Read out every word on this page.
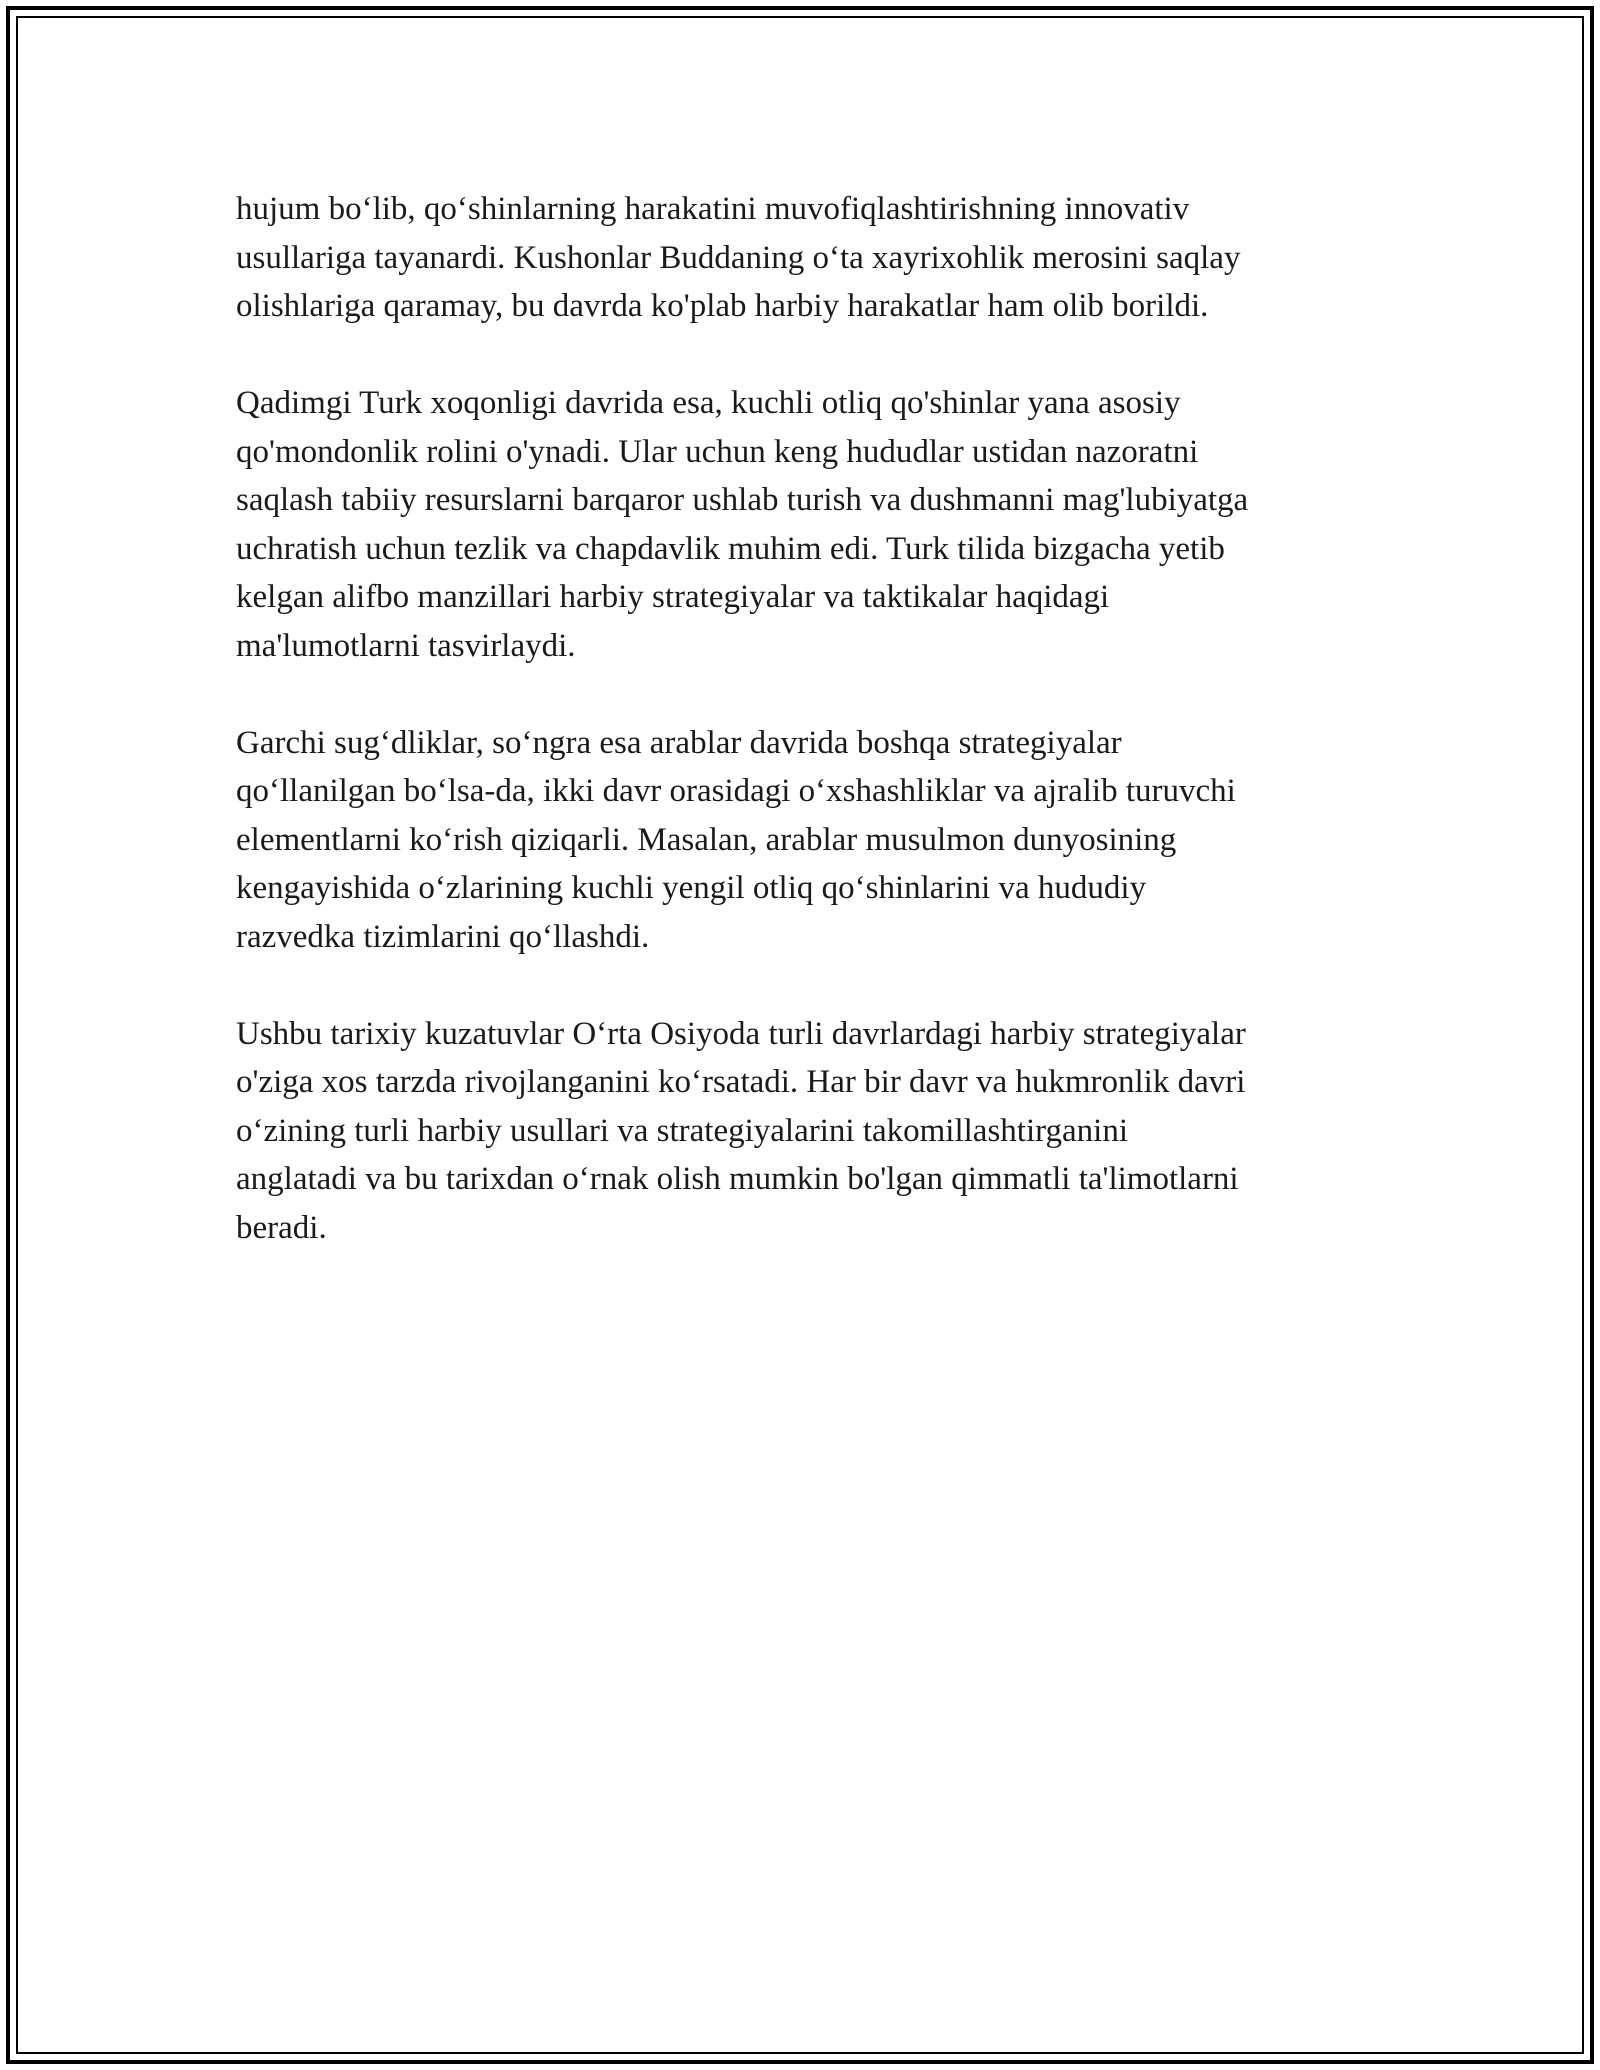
hujum bo‘lib, qo‘shinlarning harakatini muvofiqlashtirishning innovativ
usullariga tayanardi. Kushonlar Buddaning o‘ta xayrixohlik merosini saqlay
olishlariga qaramay, bu davrda ko'plab harbiy harakatlar ham olib borildi.

Qadimgi Turk xoqonligi davrida esa, kuchli otliq qo'shinlar yana asosiy
qo'mondonlik rolini o'ynadi. Ular uchun keng hududlar ustidan nazoratni
saqlash tabiiy resurslarni barqaror ushlab turish va dushmanni mag'lubiyatga
uchratish uchun tezlik va chapdavlik muhim edi. Turk tilida bizgacha yetib
kelgan alifbo manzillari harbiy strategiyalar va taktikalar haqidagi
ma'lumotlarni tasvirlaydi.

Garchi sug‘dliklar, so‘ngra esa arablar davrida boshqa strategiyalar
qo‘llanilgan bo‘lsa-da, ikki davr orasidagi o‘xshashliklar va ajralib turuvchi
elementlarni ko‘rish qiziqarli. Masalan, arablar musulmon dunyosining
kengayishida o‘zlarining kuchli yengil otliq qo‘shinlarini va hududiy
razvedka tizimlarini qo‘llashdi.

Ushbu tarixiy kuzatuvlar O‘rta Osiyoda turli davrlardagi harbiy strategiyalar
o'ziga xos tarzda rivojlanganini ko‘rsatadi. Har bir davr va hukmronlik davri
o‘zining turli harbiy usullari va strategiyalarini takomillashtirganini
anglatadi va bu tarixdan o‘rnak olish mumkin bo'lgan qimmatli ta'limotlarni
beradi.
